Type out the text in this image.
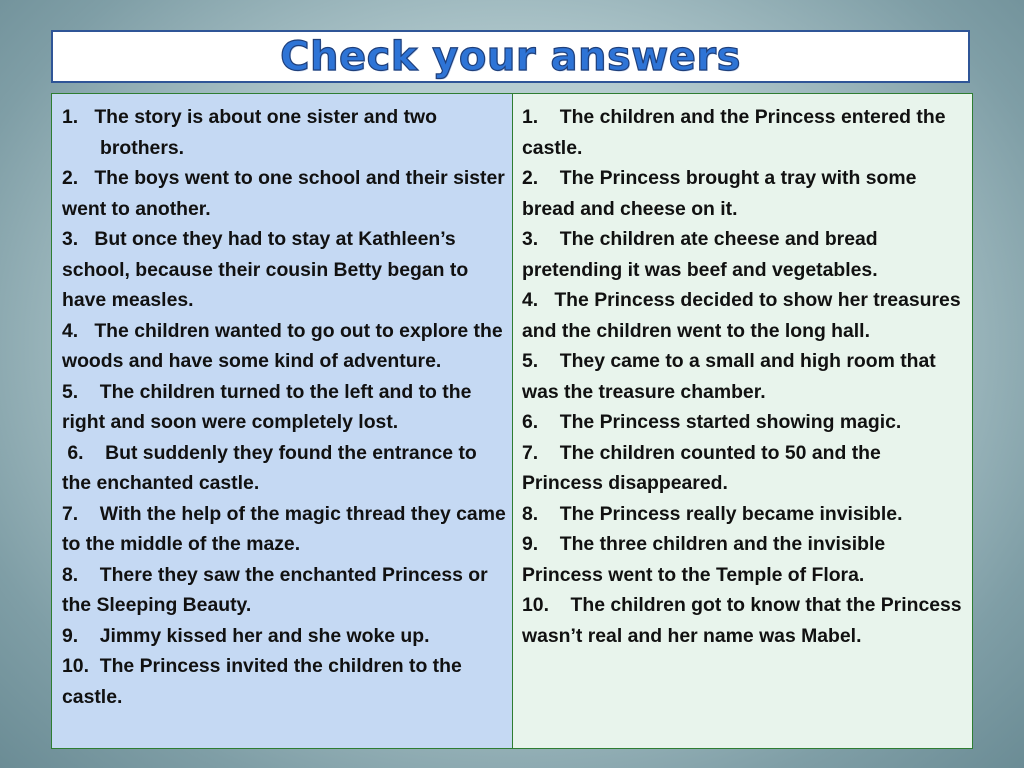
Check your answers

1.   The story is about one sister and two

brothers.

2.   The boys went to one school and their sister went to another.

3.   But once they had to stay at Kathleen’s school, because their cousin Betty began to have measles.

4.   The children wanted to go out to explore the woods and have some kind of adventure.

5.    The children turned to the left and to the right and soon were completely lost.

6.    But suddenly they found the entrance to the enchanted castle.

7.    With the help of the magic thread they came to the middle of the maze.

8.    There they saw the enchanted Princess or the Sleeping Beauty.

9.    Jimmy kissed her and she woke up.

10.  The Princess invited the children to the castle.

1.    The children and the Princess entered the castle.

2.    The Princess brought a tray with some bread and cheese on it.

3.    The children ate cheese and bread pretending it was beef and vegetables.

4.   The Princess decided to show her treasures and the children went to the long hall.

5.    They came to a small and high room that was the treasure chamber.

6.    The Princess started showing magic.

7.    The children counted to 50 and the Princess disappeared.

8.    The Princess really became invisible.

9.    The three children and the invisible Princess went to the Temple of Flora.

10.    The children got to know that the Princess wasn’t real and her name was Mabel.
